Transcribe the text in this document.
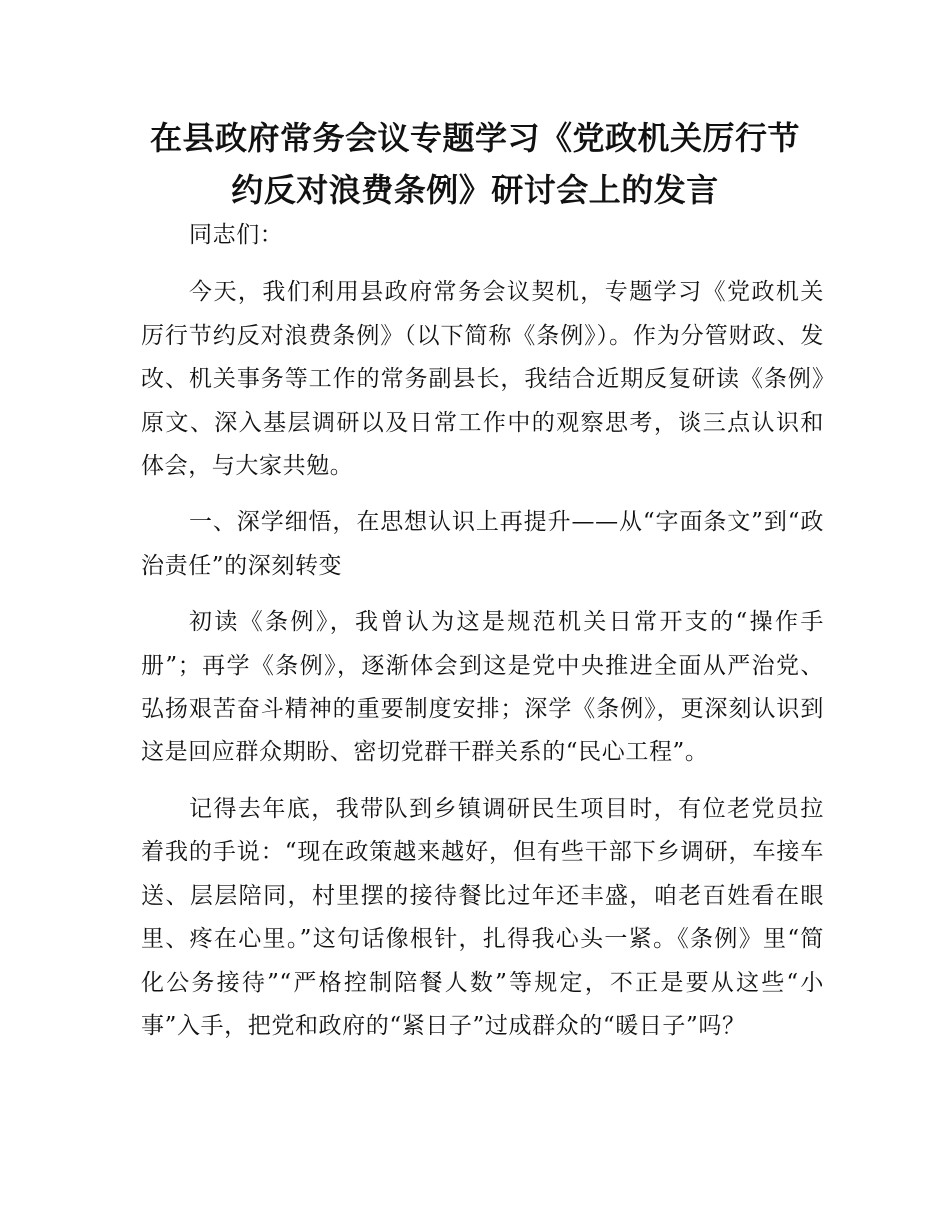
在县政府常务会议专题学习《党政机关厉行节
约反对浪费条例》研讨会上的发言

同志们：

今天，我们利用县政府常务会议契机，专题学习《党政机关厉行节约反对浪费条例》（以下简称《条例》）。作为分管财政、发改、机关事务等工作的常务副县长，我结合近期反复研读《条例》原文、深入基层调研以及日常工作中的观察思考，谈三点认识和体会，与大家共勉。

一、深学细悟，在思想认识上再提升——从“字面条文”到“政治责任”的深刻转变

初读《条例》，我曾认为这是规范机关日常开支的“操作手册”；再学《条例》，逐渐体会到这是党中央推进全面从严治党、弘扬艰苦奋斗精神的重要制度安排；深学《条例》，更深刻认识到这是回应群众期盼、密切党群干群关系的“民心工程”。

记得去年底，我带队到乡镇调研民生项目时，有位老党员拉着我的手说：“现在政策越来越好，但有些干部下乡调研，车接车送、层层陪同，村里摆的接待餐比过年还丰盛，咱老百姓看在眼里、疼在心里。”这句话像根针，扎得我心头一紧。《条例》里“简化公务接待”“严格控制陪餐人数”等规定，不正是要从这些“小事”入手，把党和政府的“紧日子”过成群众的“暖日子”吗？
